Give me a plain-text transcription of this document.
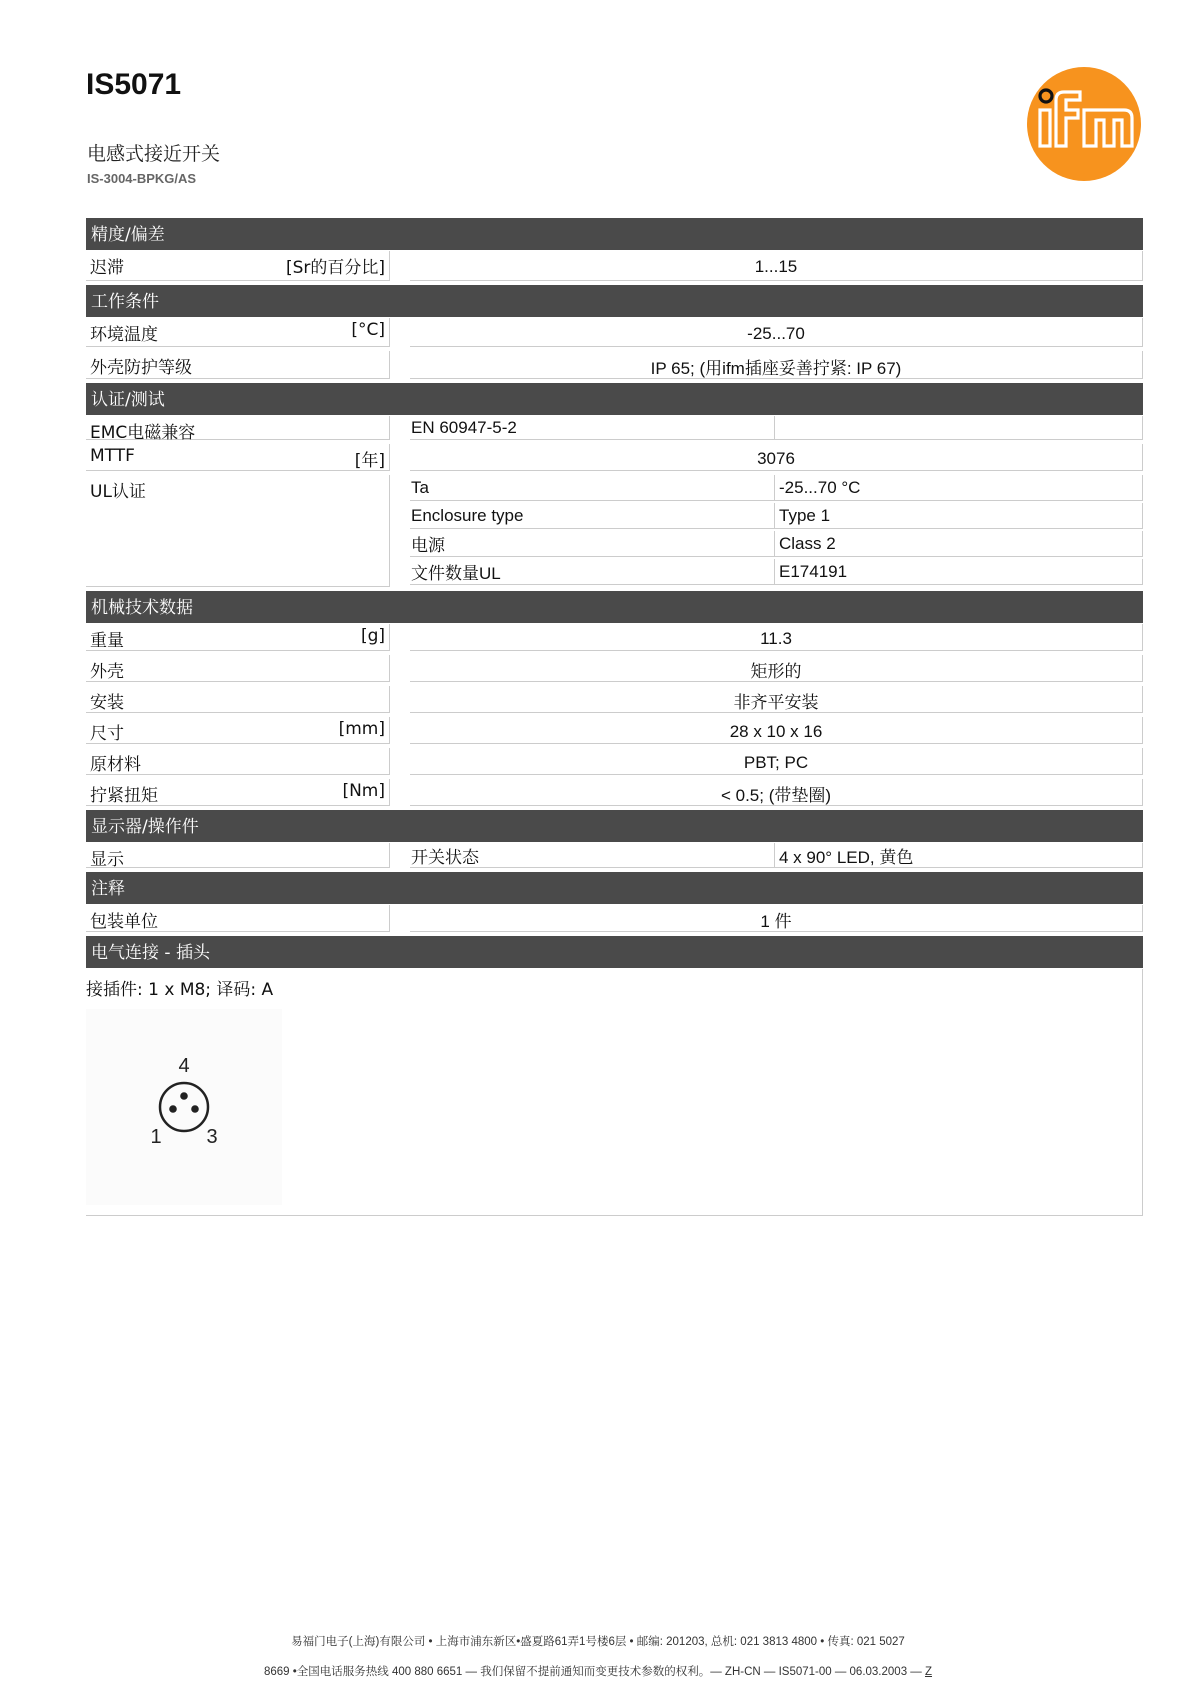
IS5071
电感式接近开关
IS-3004-BPKG/AS	ifm
精度/偏差
迟滞	[Sr的百分比]	1...15
工作条件
环境温度	[°C]	-25...70
外壳防护等级	IP 65; (用ifm插座妥善拧紧: IP 67)
认证/测试
EMC电磁兼容	EN 60947-5-2
MTTF	[年]	3076
UL认证	Ta	-25...70 °C
Enclosure type	Type 1
电源	Class 2
文件数量UL	E174191
机械技术数据
重量	[g]	11.3
外壳	矩形的
安装	非齐平安装
尺寸	[mm]	28 x 10 x 16
原材料	PBT; PC
拧紧扭矩	[Nm]	< 0.5; (带垫圈)
显示器/操作件
显示	开关状态	4 x 90° LED, 黄色
注释
包装单位	1 件
电气连接 - 插头
接插件: 1 x M8; 译码: A
4
1 3
易福门电子(上海)有限公司 • 上海市浦东新区•盛夏路61弄1号楼6层 • 邮编: 201203, 总机: 021 3813 4800 • 传真: 021 5027
8669 •全国电话服务热线 400 880 6651 — 我们保留不提前通知而变更技术参数的权利。— ZH-CN — IS5071-00 — 06.03.2003 — Z
